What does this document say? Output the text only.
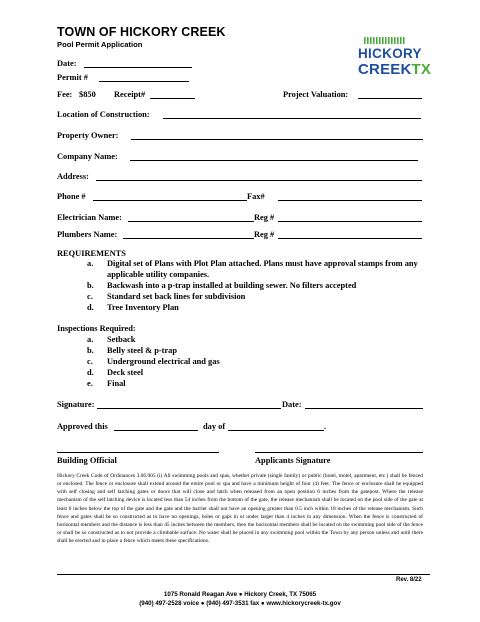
TOWN OF HICKORY CREEK
Pool Permit Application
HICKORY
CREEKTX
Date:
Permit #
Fee: $850 Receipt#	Project Valuation:
Location of Construction:
Property Owner:
Company Name:
Address:
Phone #	Fax#
Electrician Name:	Reg #
Plumbers Name:	Reg #
REQUIREMENTS
a. Digital set of Plans with Plot Plan attached. Plans must have approval stamps from any applicable utility companies.
b. Backwash into a p-trap installed at building sewer. No filters accepted
c. Standard set back lines for subdivision
d. Tree Inventory Plan
Inspections Required:
a. Setback
b. Belly steel & p-trap
c. Underground electrical and gas
d. Deck steel
e. Final
Signature:	Date:
Approved this	day of	.
Building Official	Applicants Signature
Hickory Creek Code of Ordinances 3.06.005 (i) All swimming pools and spas, whether private (single family) or public (hotel, motel, apartment, etc.) shall be fenced or enclosed. The fence or enclosure shall extend around the entire pool or spa and have a minimum height of four (4) feet. The fence or enclosure shall be equipped with self closing and self latching gates or doors that will close and latch when released from an open position 6 inches from the gatepost. Where the release mechanism of the self latching device is located less than 54 inches from the bottom of the gate, the release mechanism shall be located on the pool side of the gate at least 6 inches below the top of the gate and the gate and the barrier shall not have an opening greater than 0.5 inch within 18 inches of the release mechanism. Such fence and gates shall be so constructed as to have no openings, holes or gaps in or under larger than 4 inches in any dimension. When the fence is constructed of horizontal members and the distance is less than 45 inches between the members, then the horizontal members shall be located on the swimming pool side of the fence or shall be so constructed as to not provide a climbable surface. No water shall be placed in any swimming pool within the Town by any person unless and until there shall be erected and in place a fence which meets these specifications.
Rev. 8/22
1075 Ronald Reagan Ave ● Hickory Creek, TX 75065
(940) 497-2528 voice ● (940) 497-3531 fax ● www.hickorycreek-tx.gov
